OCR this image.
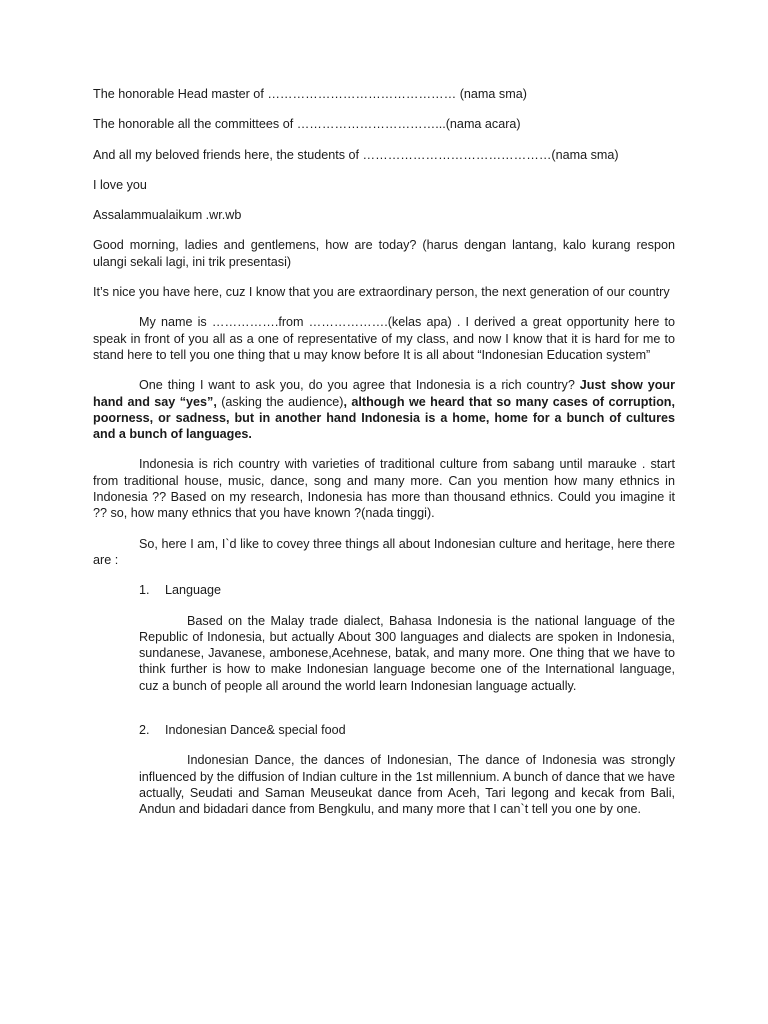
The honorable Head master of ……………………………………… (nama sma)

The honorable all the committees of ……………………………...(nama acara)

And all my beloved friends here, the students of ………………………………………(nama sma)

I love you

Assalammualaikum .wr.wb

Good morning, ladies and gentlemens, how are today? (harus dengan lantang, kalo kurang respon ulangi sekali lagi, ini trik presentasi)

It’s nice you have here, cuz I know that you are extraordinary person, the next generation of our country

My name is …………….from ……………….(kelas apa) . I derived a great opportunity here to speak in front of you all as a one of representative of my class, and now I know that it is hard for me to stand here to tell you one thing that u may know before It is all about “Indonesian Education system”

One thing I want to ask you, do you agree that Indonesia is a rich country? Just show your hand and say “yes”, (asking the audience), although we heard that so many cases of corruption, poorness, or sadness, but in another hand Indonesia is a home, home for a bunch of cultures and a bunch of languages.

Indonesia is rich country with varieties of traditional culture from sabang until marauke . start from traditional house, music, dance, song and many more. Can you mention how many ethnics in Indonesia ?? Based on my research, Indonesia has more than thousand ethnics. Could you imagine it ?? so, how many ethnics that you have known ?(nada tinggi).

So, here I am, I`d like to covey three things all about Indonesian culture and heritage, here there are :

1.	Language

Based on the Malay trade dialect, Bahasa Indonesia is the national language of the Republic of Indonesia, but actually About 300 languages and dialects are spoken in Indonesia, sundanese, Javanese, ambonese,Acehnese, batak, and many more. One thing that we have to think further is how to make Indonesian language become one of the International language, cuz a bunch of people all around the world learn Indonesian language actually.

2.	Indonesian Dance& special food

Indonesian Dance, the dances of Indonesian, The dance of Indonesia was strongly influenced by the diffusion of Indian culture in the 1st millennium. A bunch of dance that we have actually, Seudati and Saman Meuseukat dance from Aceh, Tari legong and kecak from Bali, Andun and bidadari dance from Bengkulu, and many more that I can`t tell you one by one.
